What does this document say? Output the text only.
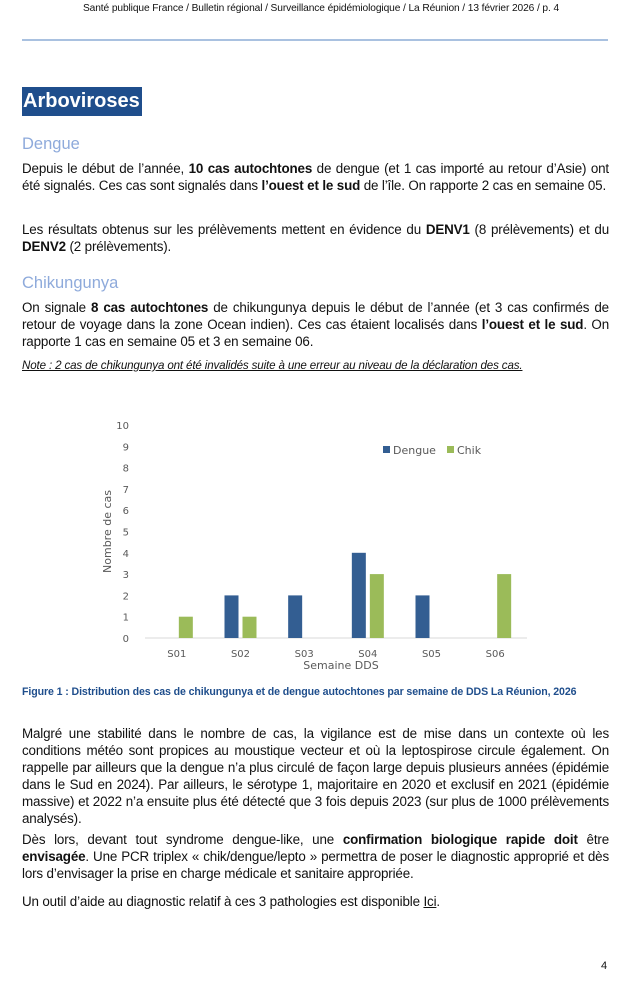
Santé publique France / Bulletin régional / Surveillance épidémiologique / La Réunion / 13 février 2026 / p. 4
Arboviroses
Dengue
Depuis le début de l’année, 10 cas autochtones de dengue (et 1 cas importé au retour d’Asie) ont été signalés. Ces cas sont signalés dans l’ouest et le sud de l’île. On rapporte 2 cas en semaine 05.
Les résultats obtenus sur les prélèvements mettent en évidence du DENV1 (8 prélèvements) et du DENV2 (2 prélèvements).
Chikungunya
On signale 8 cas autochtones de chikungunya depuis le début de l’année (et 3 cas confirmés de retour de voyage dans la zone Ocean indien). Ces cas étaient localisés dans l’ouest et le sud. On rapporte 1 cas en semaine 05 et 3 en semaine 06.
Note : 2 cas de chikungunya ont été invalidés suite à une erreur au niveau de la déclaration des cas.
0
1
2
3
4
5
6
7
8
9
10
S01	S02	S03	S04	S05	S06
Nombre de cas
Semaine DDS
Dengue Chik
Figure 1 : Distribution des cas de chikungunya et de dengue autochtones par semaine de DDS La Réunion, 2026
Malgré une stabilité dans le nombre de cas, la vigilance est de mise dans un contexte où les conditions météo sont propices au moustique vecteur et où la leptospirose circule également. On rappelle par ailleurs que la dengue n’a plus circulé de façon large depuis plusieurs années (épidémie dans le Sud en 2024). Par ailleurs, le sérotype 1, majoritaire en 2020 et exclusif en 2021 (épidémie massive) et 2022 n’a ensuite plus été détecté que 3 fois depuis 2023 (sur plus de 1000 prélèvements analysés).
Dès lors, devant tout syndrome dengue-like, une confirmation biologique rapide doit être envisagée. Une PCR triplex « chik/dengue/lepto » permettra de poser le diagnostic approprié et dès lors d’envisager la prise en charge médicale et sanitaire appropriée.
Un outil d’aide au diagnostic relatif à ces 3 pathologies est disponible Ici.
4
